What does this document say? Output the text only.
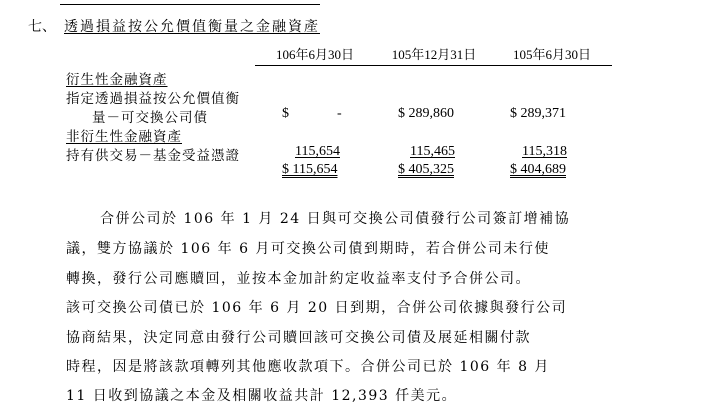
七、 透過損益按公允價值衡量之金融資產
106年6月30日	105年12月31日	105年6月30日
衍生性金融資產
指定透過損益按公允價值衡
量－可交換公司債	$	-	$ 289,860	$ 289,371
非衍生性金融資產
持有供交易－基金受益憑證	115,654	115,465	115,318
$ 115,654	$ 405,325	$ 404,689
合併公司於 106 年 1 月 24 日與可交換公司債發行公司簽訂增補協
議，雙方協議於 106 年 6 月可交換公司債到期時，若合併公司未行使
轉換，發行公司應贖回，並按本金加計約定收益率支付予合併公司。
該可交換公司債已於 106 年 6 月 20 日到期，合併公司依據與發行公司
協商結果，決定同意由發行公司贖回該可交換公司債及展延相關付款
時程，因是將該款項轉列其他應收款項下。合併公司已於 106 年 8 月
11 日收到協議之本金及相關收益共計 12,393 仟美元。
